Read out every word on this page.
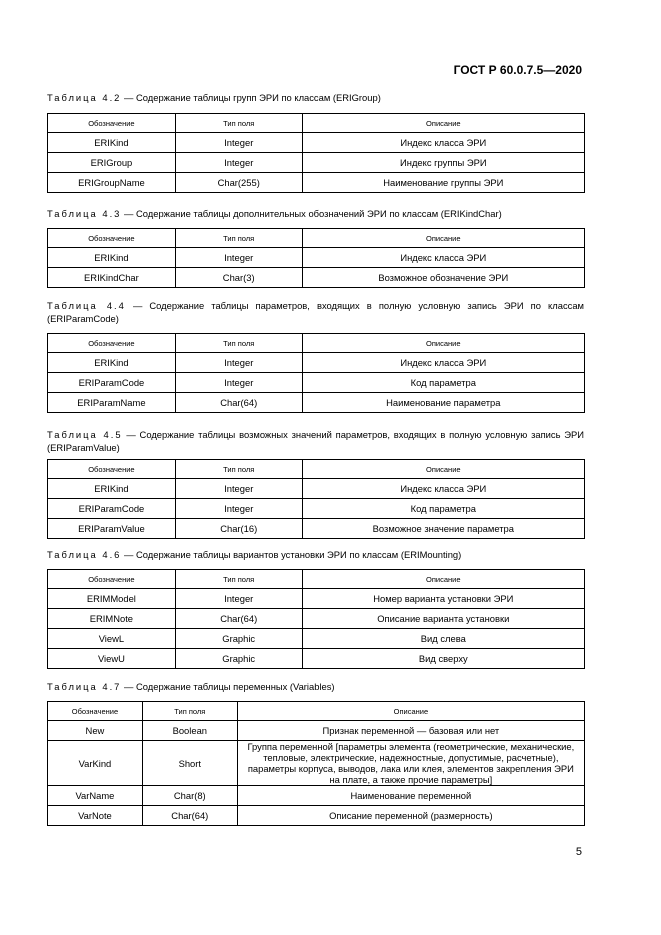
ГОСТ Р 60.0.7.5—2020
Таблица 4.2 — Содержание таблицы групп ЭРИ по классам (ERIGroup)
Обозначение	Тип поля	Описание
ERIKind	Integer	Индекс класса ЭРИ
ERIGroup	Integer	Индекс группы ЭРИ
ERIGroupName	Char(255)	Наименование группы ЭРИ
Таблица 4.3 — Содержание таблицы дополнительных обозначений ЭРИ по классам (ERIKindChar)
Обозначение	Тип поля	Описание
ERIKind	Integer	Индекс класса ЭРИ
ERIKindChar	Char(3)	Возможное обозначение ЭРИ
Таблица 4.4 — Содержание таблицы параметров, входящих в полную условную запись ЭРИ по классам (ERIParamCode)
Обозначение	Тип поля	Описание
ERIKind	Integer	Индекс класса ЭРИ
ERIParamCode	Integer	Код параметра
ERIParamName	Char(64)	Наименование параметра
Таблица 4.5 — Содержание таблицы возможных значений параметров, входящих в полную условную запись ЭРИ (ERIParamValue)
Обозначение	Тип поля	Описание
ERIKind	Integer	Индекс класса ЭРИ
ERIParamCode	Integer	Код параметра
ERIParamValue	Char(16)	Возможное значение параметра
Таблица 4.6 — Содержание таблицы вариантов установки ЭРИ по классам (ERIMounting)
Обозначение	Тип поля	Описание
ERIMModel	Integer	Номер варианта установки ЭРИ
ERIMNote	Char(64)	Описание варианта установки
ViewL	Graphic	Вид слева
ViewU	Graphic	Вид сверху
Таблица 4.7 — Содержание таблицы переменных (Variables)
Обозначение	Тип поля	Описание
New	Boolean	Признак переменной — базовая или нет
VarKind	Short	Группа переменной [параметры элемента (геометрические, механические, тепловые, электрические, надежностные, допустимые, расчетные), параметры корпуса, выводов, лака или клея, элементов закрепления ЭРИ на плате, а также прочие параметры]
VarName	Char(8)	Наименование переменной
VarNote	Char(64)	Описание переменной (размерность)
5
